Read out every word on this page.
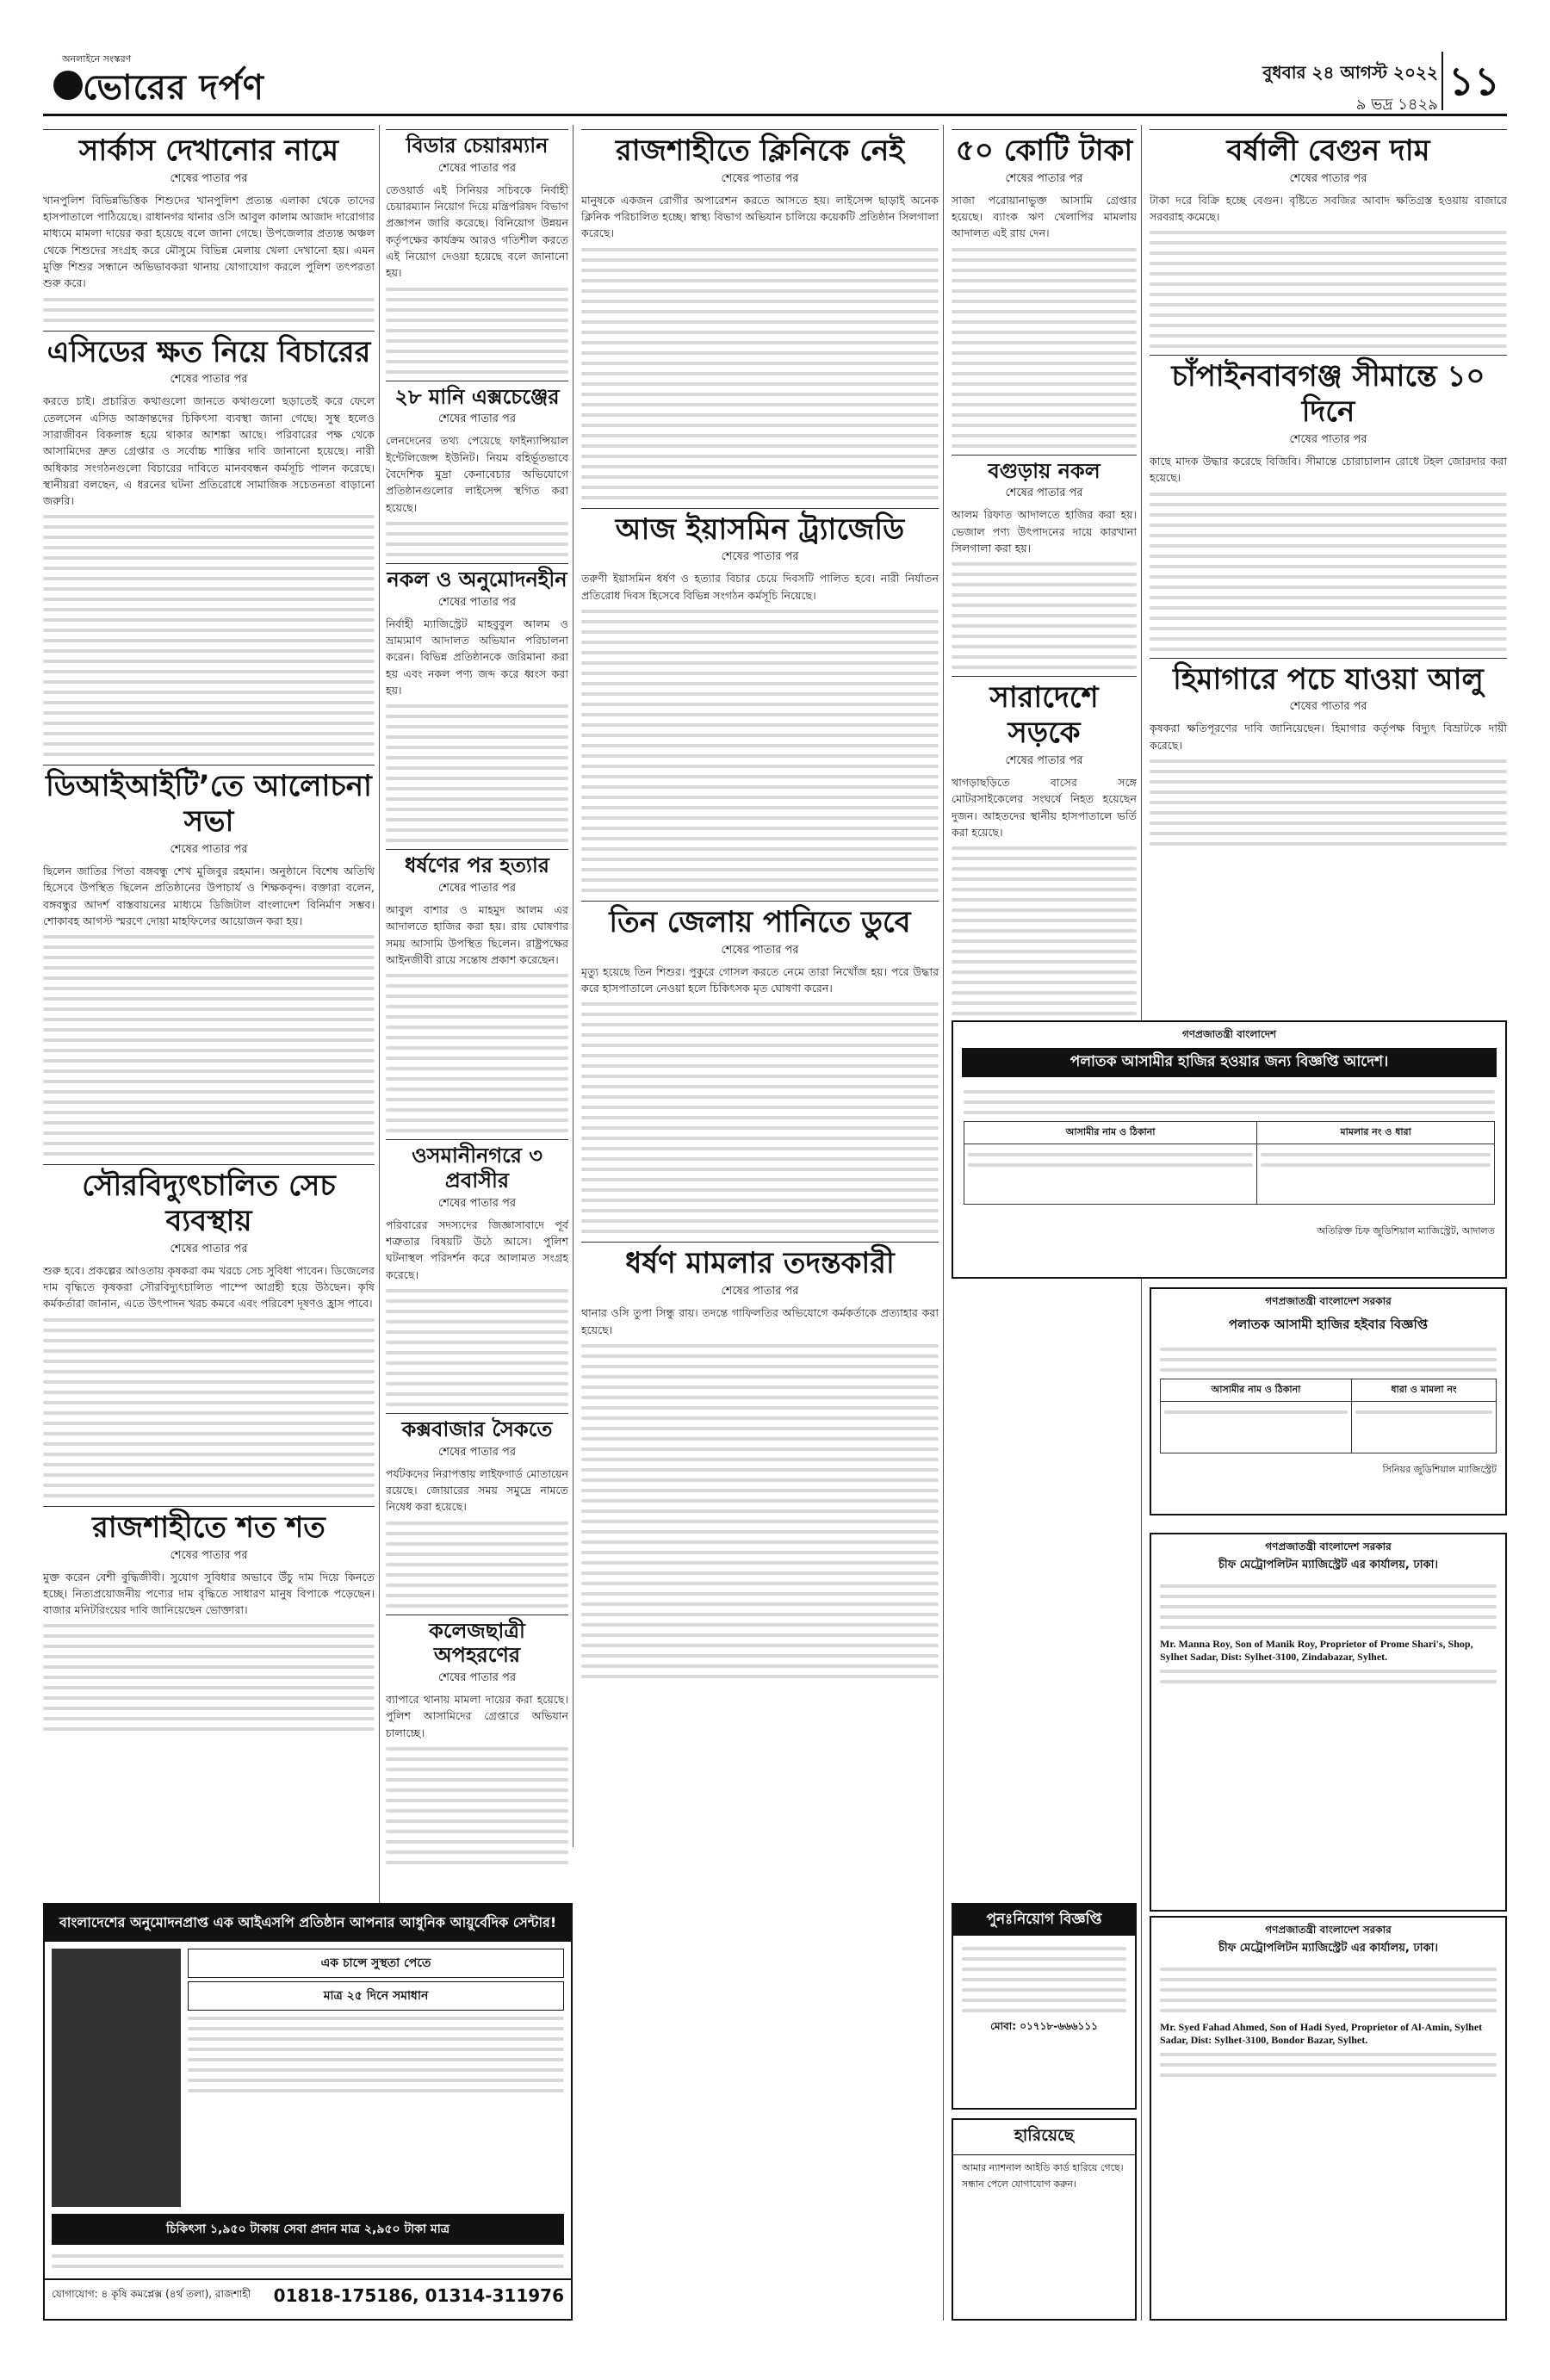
অনলাইনে সংস্করণ
ভোরের দর্পণ	বুধবার ২৪ আগস্ট ২০২২
৯ ভদ্র ১৪২৯
১১
সার্কাস দেখানোর নামে
শেষের পাতার পর

খানপুলিশ বিভিন্নভিত্তিক শিশুদের খানপুলিশ প্রত্যন্ত এলাকা থেকে তাদের হাসপাতালে পাঠিয়েছে। রাধানগর থানার ওসি আবুল কালাম আজাদ দারোগার মাধ্যমে মামলা দায়ের করা হয়েছে বলে জানা গেছে। উপজেলার প্রত্যন্ত অঞ্চল থেকে শিশুদের সংগ্রহ করে মৌসুমে বিভিন্ন মেলায় খেলা দেখানো হয়। এমন মুক্তি শিশুর সন্ধানে অভিভাবকরা থানায় যোগাযোগ করলে পুলিশ তৎপরতা শুরু করে।

এসিডের ক্ষত নিয়ে বিচারের
শেষের পাতার পর

করতে চাই। প্রচারিত কথাগুলো জানতে কথাগুলো ছড়াতেই করে ফেলে তেলসেন এসিড আক্রান্তদের চিকিৎসা ব্যবস্থা জানা গেছে। সুস্থ হলেও সারাজীবন বিকলাঙ্গ হয়ে থাকার আশঙ্কা আছে। পরিবারের পক্ষ থেকে আসামিদের দ্রুত গ্রেপ্তার ও সর্বোচ্চ শাস্তির দাবি জানানো হয়েছে। নারী অধিকার সংগঠনগুলো বিচারের দাবিতে মানববন্ধন কর্মসূচি পালন করেছে। স্থানীয়রা বলছেন, এ ধরনের ঘটনা প্রতিরোধে সামাজিক সচেতনতা বাড়ানো জরুরি।

ডিআইআইটি’তে আলোচনা সভা
শেষের পাতার পর

ছিলেন জাতির পিতা বঙ্গবন্ধু শেখ মুজিবুর রহমান। অনুষ্ঠানে বিশেষ অতিথি হিসেবে উপস্থিত ছিলেন প্রতিষ্ঠানের উপাচার্য ও শিক্ষকবৃন্দ। বক্তারা বলেন, বঙ্গবন্ধুর আদর্শ বাস্তবায়নের মাধ্যমে ডিজিটাল বাংলাদেশ বিনির্মাণ সম্ভব। শোকাবহ আগস্ট স্মরণে দোয়া মাহফিলের আয়োজন করা হয়।

সৌরবিদ্যুৎচালিত সেচ ব্যবস্থায়
শেষের পাতার পর

শুরু হবে। প্রকল্পের আওতায় কৃষকরা কম খরচে সেচ সুবিধা পাবেন। ডিজেলের দাম বৃদ্ধিতে কৃষকরা সৌরবিদ্যুৎচালিত পাম্পে আগ্রহী হয়ে উঠছেন। কৃষি কর্মকর্তারা জানান, এতে উৎপাদন খরচ কমবে এবং পরিবেশ দূষণও হ্রাস পাবে।

রাজশাহীতে শত শত
শেষের পাতার পর

মুক্ত করেন বেশী বুদ্ধিজীবী। সুযোগ সুবিধার অভাবে উঁচু দাম দিয়ে কিনতে হচ্ছে। নিত্যপ্রয়োজনীয় পণ্যের দাম বৃদ্ধিতে সাধারণ মানুষ বিপাকে পড়েছেন। বাজার মনিটরিংয়ের দাবি জানিয়েছেন ভোক্তারা।

বিডার চেয়ারম্যান
শেষের পাতার পর

তেওয়ার্ড এই সিনিয়র সচিবকে নির্বাহী চেয়ারম্যান নিয়োগ দিয়ে মন্ত্রিপরিষদ বিভাগ প্রজ্ঞাপন জারি করেছে। বিনিয়োগ উন্নয়ন কর্তৃপক্ষের কার্যক্রম আরও গতিশীল করতে এই নিয়োগ দেওয়া হয়েছে বলে জানানো হয়।

২৮ মানি এক্সচেঞ্জের
শেষের পাতার পর

লেনদেনের তথ্য পেয়েছে ফাইন্যান্সিয়াল ইন্টেলিজেন্স ইউনিট। নিয়ম বহির্ভূতভাবে বৈদেশিক মুদ্রা কেনাবেচার অভিযোগে প্রতিষ্ঠানগুলোর লাইসেন্স স্থগিত করা হয়েছে।

নকল ও অনুমোদনহীন
শেষের পাতার পর

নির্বাহী ম্যাজিস্ট্রেট মাহবুবুল আলম ও ভ্রাম্যমাণ আদালত অভিযান পরিচালনা করেন। বিভিন্ন প্রতিষ্ঠানকে জরিমানা করা হয় এবং নকল পণ্য জব্দ করে ধ্বংস করা হয়।

ধর্ষণের পর হত্যার
শেষের পাতার পর

আবুল বাশার ও মাহমুদ আলম এর আদালতে হাজির করা হয়। রায় ঘোষণার সময় আসামি উপস্থিত ছিলেন। রাষ্ট্রপক্ষের আইনজীবী রায়ে সন্তোষ প্রকাশ করেছেন।

ওসমানীনগরে ৩ প্রবাসীর
শেষের পাতার পর

পরিবারের সদস্যদের জিজ্ঞাসাবাদে পূর্ব শত্রুতার বিষয়টি উঠে আসে। পুলিশ ঘটনাস্থল পরিদর্শন করে আলামত সংগ্রহ করেছে।

কক্সবাজার সৈকতে
শেষের পাতার পর

পর্যটকদের নিরাপত্তায় লাইফগার্ড মোতায়েন রয়েছে। জোয়ারের সময় সমুদ্রে নামতে নিষেধ করা হয়েছে।

কলেজছাত্রী অপহরণের
শেষের পাতার পর

ব্যাপারে থানায় মামলা দায়ের করা হয়েছে। পুলিশ আসামিদের গ্রেপ্তারে অভিযান চালাচ্ছে।

রাজশাহীতে ক্লিনিকে নেই
শেষের পাতার পর

মানুষকে একজন রোগীর অপারেশন করতে আসতে হয়। লাইসেন্স ছাড়াই অনেক ক্লিনিক পরিচালিত হচ্ছে। স্বাস্থ্য বিভাগ অভিযান চালিয়ে কয়েকটি প্রতিষ্ঠান সিলগালা করেছে।

আজ ইয়াসমিন ট্র্যাজেডি
শেষের পাতার পর

তরুণী ইয়াসমিন ধর্ষণ ও হত্যার বিচার চেয়ে দিবসটি পালিত হবে। নারী নির্যাতন প্রতিরোধ দিবস হিসেবে বিভিন্ন সংগঠন কর্মসূচি নিয়েছে।

তিন জেলায় পানিতে ডুবে
শেষের পাতার পর

মৃত্যু হয়েছে তিন শিশুর। পুকুরে গোসল করতে নেমে তারা নিখোঁজ হয়। পরে উদ্ধার করে হাসপাতালে নেওয়া হলে চিকিৎসক মৃত ঘোষণা করেন।

ধর্ষণ মামলার তদন্তকারী
শেষের পাতার পর

থানার ওসি তুপা সিন্ধু রায়। তদন্তে গাফিলতির অভিযোগে কর্মকর্তাকে প্রত্যাহার করা হয়েছে।

৫০ কোটি টাকা
শেষের পাতার পর

সাজা পরোয়ানাভুক্ত আসামি গ্রেপ্তার হয়েছে। ব্যাংক ঋণ খেলাপির মামলায় আদালত এই রায় দেন।

বগুড়ায় নকল
শেষের পাতার পর

আলম রিফাত আদালতে হাজির করা হয়। ভেজাল পণ্য উৎপাদনের দায়ে কারখানা সিলগালা করা হয়।

সারাদেশে সড়কে
শেষের পাতার পর

খাগড়াছড়িতে বাসের সঙ্গে মোটরসাইকেলের সংঘর্ষে নিহত হয়েছেন দুজন। আহতদের স্থানীয় হাসপাতালে ভর্তি করা হয়েছে।

বর্ষালী বেগুন দাম
শেষের পাতার পর

টাকা দরে বিক্রি হচ্ছে বেগুন। বৃষ্টিতে সবজির আবাদ ক্ষতিগ্রস্ত হওয়ায় বাজারে সরবরাহ কমেছে।

চাঁপাইনবাবগঞ্জ সীমান্তে ১০ দিনে
শেষের পাতার পর

কাছে মাদক উদ্ধার করেছে বিজিবি। সীমান্তে চোরাচালান রোধে টহল জোরদার করা হয়েছে।

হিমাগারে পচে যাওয়া আলু
শেষের পাতার পর

কৃষকরা ক্ষতিপূরণের দাবি জানিয়েছেন। হিমাগার কর্তৃপক্ষ বিদ্যুৎ বিভ্রাটকে দায়ী করেছে।

গণপ্রজাতন্ত্রী বাংলাদেশ
পলাতক আসামীর হাজির হওয়ার জন্য বিজ্ঞপ্তি আদেশ।
আসামীর নাম ও ঠিকানা	মামলার নং ও ধারা

অতিরিক্ত চিফ জুডিশিয়াল ম্যাজিস্ট্রেট, আদালত
গণপ্রজাতন্ত্রী বাংলাদেশ সরকার
পলাতক আসামী হাজির হইবার বিজ্ঞপ্তি
আসামীর নাম ও ঠিকানা	ধারা ও মামলা নং

সিনিয়র জুডিশিয়াল ম্যাজিস্ট্রেট
গণপ্রজাতন্ত্রী বাংলাদেশ সরকার
চীফ মেট্রোপলিটন ম্যাজিস্ট্রেট এর কার্যালয়, ঢাকা।
Mr. Manna Roy, Son of Manik Roy, Proprietor of Prome Shari's, Shop, Sylhet Sadar, Dist: Sylhet-3100, Zindabazar, Sylhet.
গণপ্রজাতন্ত্রী বাংলাদেশ সরকার
চীফ মেট্রোপলিটন ম্যাজিস্ট্রেট এর কার্যালয়, ঢাকা।
Mr. Syed Fahad Ahmed, Son of Hadi Syed, Proprietor of Al-Amin, Sylhet Sadar, Dist: Sylhet-3100, Bondor Bazar, Sylhet.
পুনঃনিয়োগ বিজ্ঞপ্তি
মোবা: ০১৭১৮-৬৬৬১১১
হারিয়েছে
আমার ন্যাশনাল আইডি কার্ড হারিয়ে গেছে। সন্ধান পেলে যোগাযোগ করুন।
বাংলাদেশের অনুমোদনপ্রাপ্ত এক আইএসপি প্রতিষ্ঠান আপনার আধুনিক আয়ুর্বেদিক সেন্টার!
এক চান্সে সুস্থতা পেতে
মাত্র ২৫ দিনে সমাধান
চিকিৎসা ১,৯৫০ টাকায় সেবা প্রদান মাত্র ২,৯৫০ টাকা মাত্র
যোগাযোগ: ৪ কৃষি কমপ্লেক্স (৪র্থ তলা), রাজশাহী 01818-175186, 01314-311976
